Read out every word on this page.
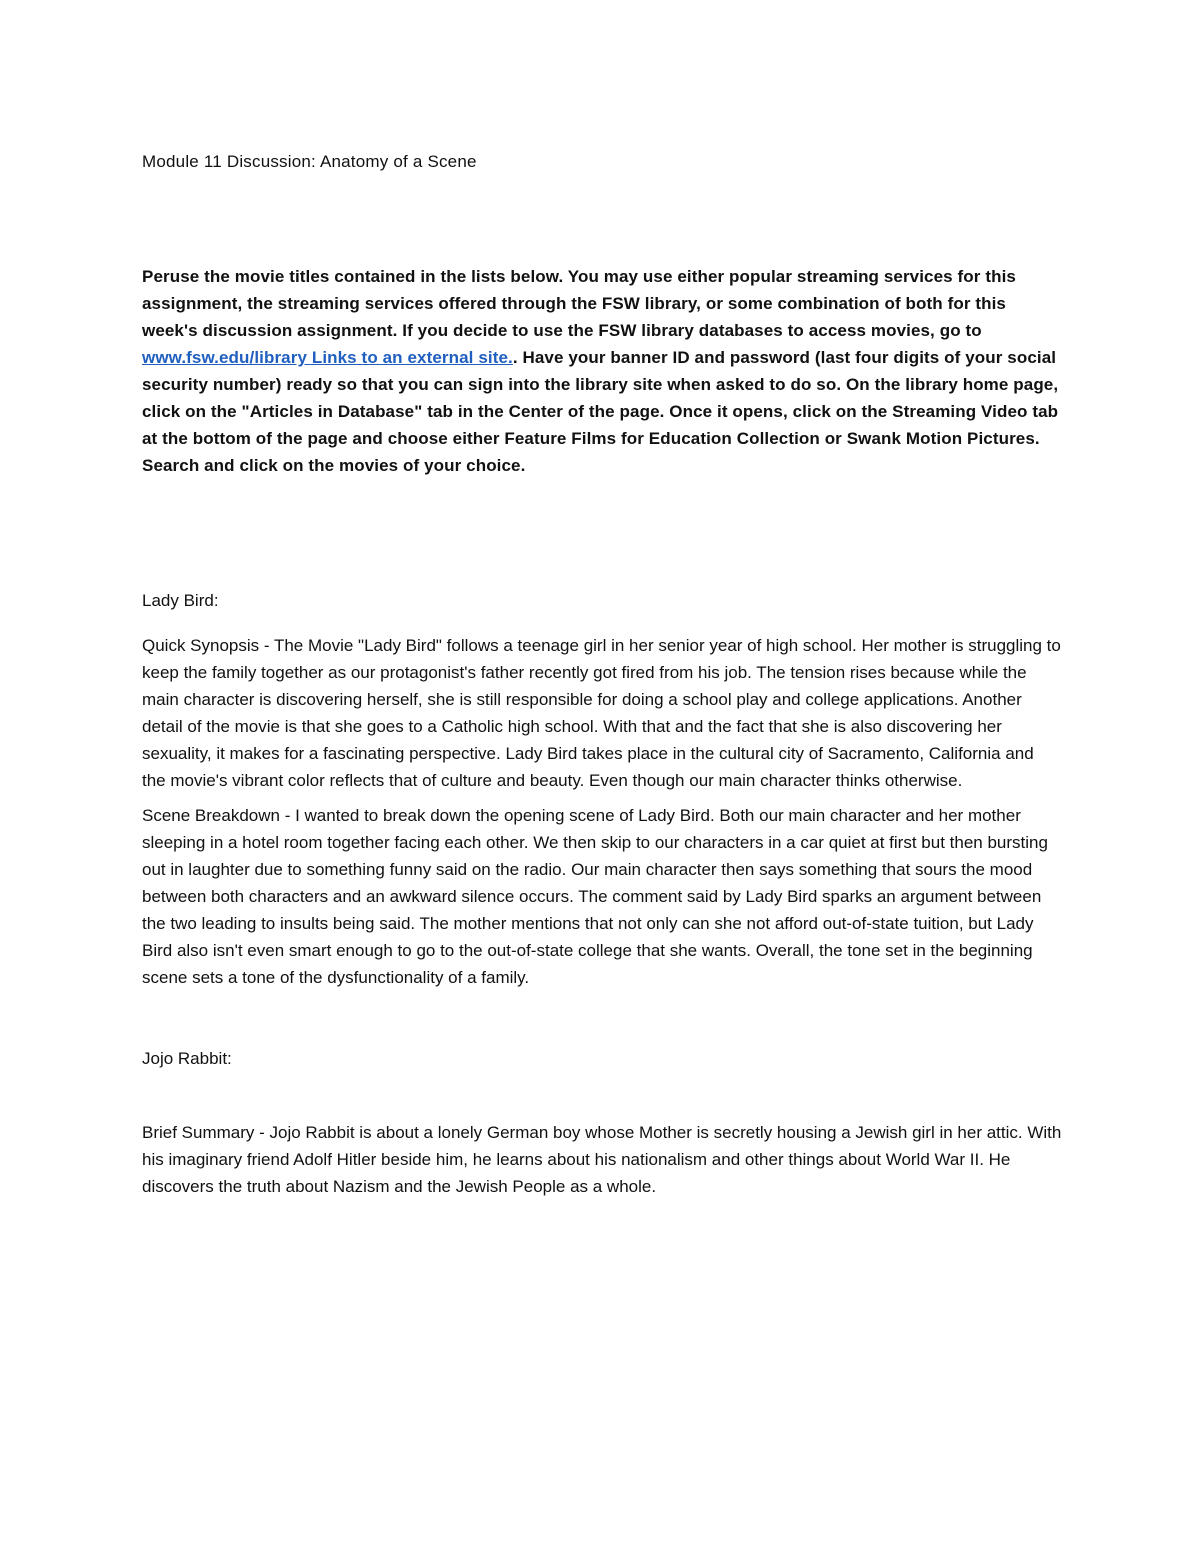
Module 11 Discussion: Anatomy of a Scene

Peruse the movie titles contained in the lists below. You may use either popular streaming services for this assignment, the streaming services offered through the FSW library, or some combination of both for this week's discussion assignment. If you decide to use the FSW library databases to access movies, go to www.fsw.edu/library Links to an external site.. Have your banner ID and password (last four digits of your social security number) ready so that you can sign into the library site when asked to do so. On the library home page, click on the "Articles in Database" tab in the Center of the page. Once it opens, click on the Streaming Video tab at the bottom of the page and choose either Feature Films for Education Collection or Swank Motion Pictures. Search and click on the movies of your choice.

Lady Bird:

Quick Synopsis - The Movie "Lady Bird" follows a teenage girl in her senior year of high school. Her mother is struggling to keep the family together as our protagonist's father recently got fired from his job. The tension rises because while the main character is discovering herself, she is still responsible for doing a school play and college applications. Another detail of the movie is that she goes to a Catholic high school. With that and the fact that she is also discovering her sexuality, it makes for a fascinating perspective. Lady Bird takes place in the cultural city of Sacramento, California and the movie's vibrant color reflects that of culture and beauty. Even though our main character thinks otherwise.

Scene Breakdown - I wanted to break down the opening scene of Lady Bird. Both our main character and her mother sleeping in a hotel room together facing each other. We then skip to our characters in a car quiet at first but then bursting out in laughter due to something funny said on the radio. Our main character then says something that sours the mood between both characters and an awkward silence occurs. The comment said by Lady Bird sparks an argument between the two leading to insults being said. The mother mentions that not only can she not afford out-of-state tuition, but Lady Bird also isn't even smart enough to go to the out-of-state college that she wants. Overall, the tone set in the beginning scene sets a tone of the dysfunctionality of a family.

Jojo Rabbit:

Brief Summary - Jojo Rabbit is about a lonely German boy whose Mother is secretly housing a Jewish girl in her attic. With his imaginary friend Adolf Hitler beside him, he learns about his nationalism and other things about World War II. He discovers the truth about Nazism and the Jewish People as a whole.
